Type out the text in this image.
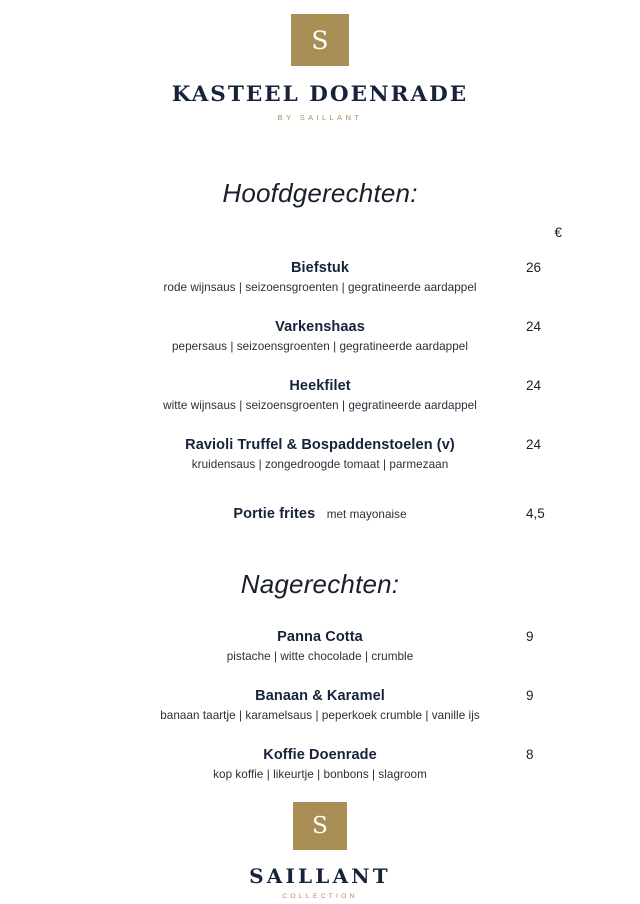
S
KASTEEL DOENRADE
BY SAILLANT
Hoofdgerechten:
€
Biefstuk
rode wijnsaus | seizoensgroenten | gegratineerde aardappel
26
Varkenshaas
pepersaus | seizoensgroenten | gegratineerde aardappel
24
Heekfilet
witte wijnsaus | seizoensgroenten | gegratineerde aardappel
24
Ravioli Truffel & Bospaddenstoelen (v)
kruidensaus | zongedroogde tomaat | parmezaan
24
Portie frites met mayonaise	4,5
Nagerechten:
Panna Cotta
pistache | witte chocolade | crumble
9
Banaan & Karamel
banaan taartje | karamelsaus | peperkoek crumble | vanille ijs
9
Koffie Doenrade
kop koffie | likeurtje | bonbons | slagroom
8
S
SAILLANT
COLLECTION
